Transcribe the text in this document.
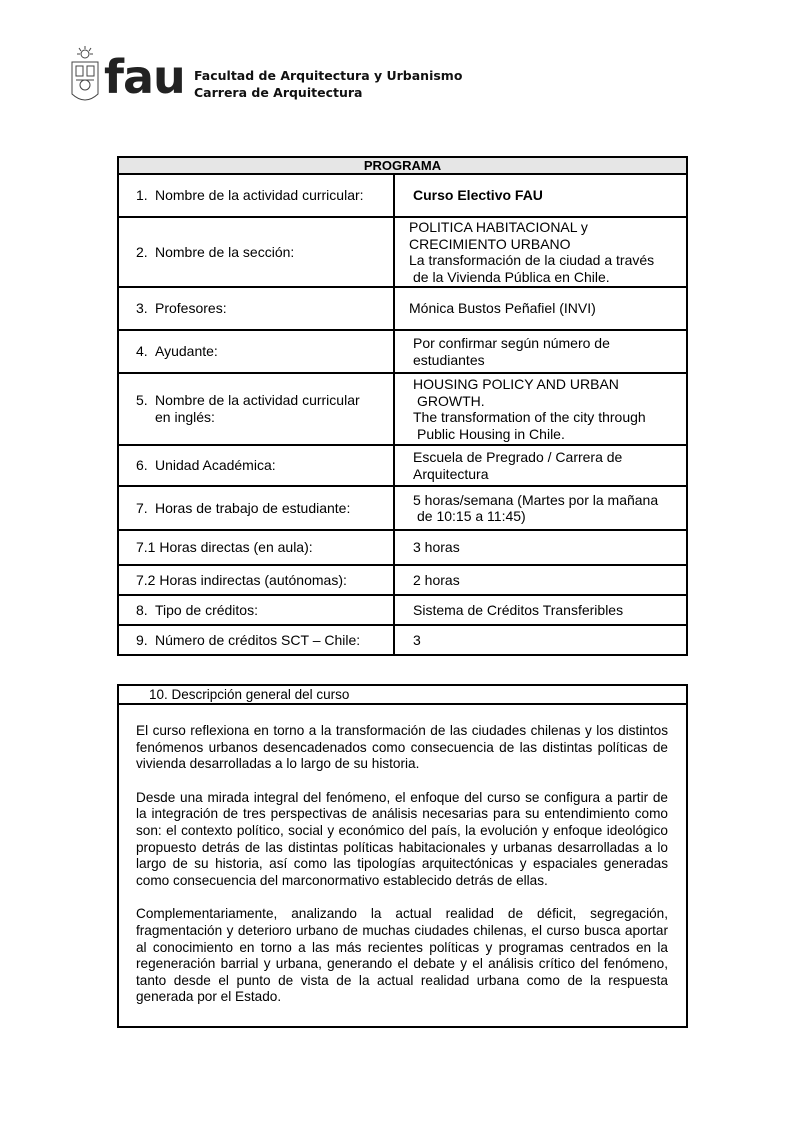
fau Facultad de Arquitectura y Urbanismo
Carrera de Arquitectura
PROGRAMA
1. Nombre de la actividad curricular:	Curso Electivo FAU
2. Nombre de la sección:
POLITICA HABITACIONAL y
CRECIMIENTO URBANO
La transformación de la ciudad a través
de la Vivienda Pública en Chile.
3. Profesores:	Mónica Bustos Peñafiel (INVI)
4. Ayudante:	Por confirmar según número de
estudiantes
5. Nombre de la actividad curricular
en inglés:
HOUSING POLICY AND URBAN
GROWTH.
The transformation of the city through
Public Housing in Chile.
6. Unidad Académica:	Escuela de Pregrado / Carrera de
Arquitectura
7. Horas de trabajo de estudiante:	5 horas/semana (Martes por la mañana
de 10:15 a 11:45)
7.1 Horas directas (en aula):	3 horas
7.2 Horas indirectas (autónomas):	2 horas
8. Tipo de créditos:	Sistema de Créditos Transferibles
9. Número de créditos SCT – Chile:	3
10. Descripción general del curso

El curso reflexiona en torno a la transformación de las ciudades chilenas y los distintos fenómenos urbanos desencadenados como consecuencia de las distintas políticas de vivienda desarrolladas a lo largo de su historia.

Desde una mirada integral del fenómeno, el enfoque del curso se configura a partir de la integración de tres perspectivas de análisis necesarias para su entendimiento como son: el contexto político, social y económico del país, la evolución y enfoque ideológico propuesto detrás de las distintas políticas habitacionales y urbanas desarrolladas a lo largo de su historia, así como las tipologías arquitectónicas y espaciales generadas como consecuencia del marconormativo establecido detrás de ellas.

Complementariamente, analizando la actual realidad de déficit, segregación, fragmentación y deterioro urbano de muchas ciudades chilenas, el curso busca aportar al conocimiento en torno a las más recientes políticas y programas centrados en la regeneración barrial y urbana, generando el debate y el análisis crítico del fenómeno, tanto desde el punto de vista de la actual realidad urbana como de la respuesta generada por el Estado.
